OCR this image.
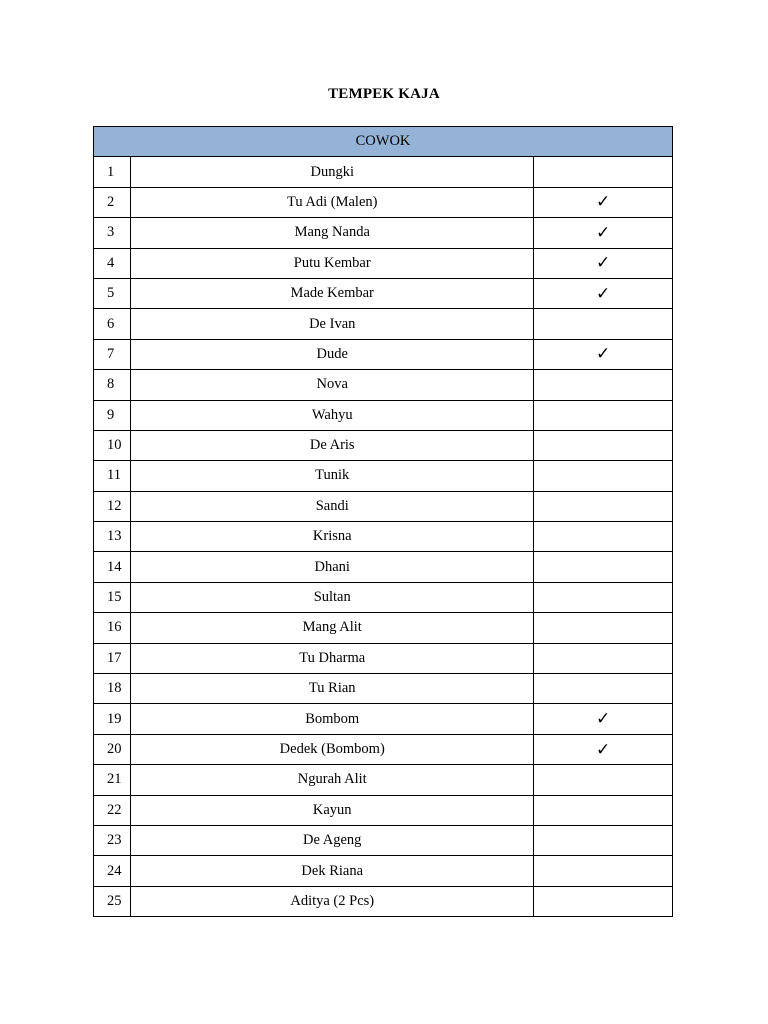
TEMPEK KAJA
COWOK		
1	Dungki	
2	Tu Adi (Malen)	✓
3	Mang Nanda	✓
4	Putu Kembar	✓
5	Made Kembar	✓
6	De Ivan	
7	Dude	✓
8	Nova	
9	Wahyu	
10	De Aris	
11	Tunik	
12	Sandi	
13	Krisna	
14	Dhani	
15	Sultan	
16	Mang Alit	
17	Tu Dharma	
18	Tu Rian	
19	Bombom	✓
20	Dedek (Bombom)	✓
21	Ngurah Alit	
22	Kayun	
23	De Ageng	
24	Dek Riana	
25	Aditya (2 Pcs)	
